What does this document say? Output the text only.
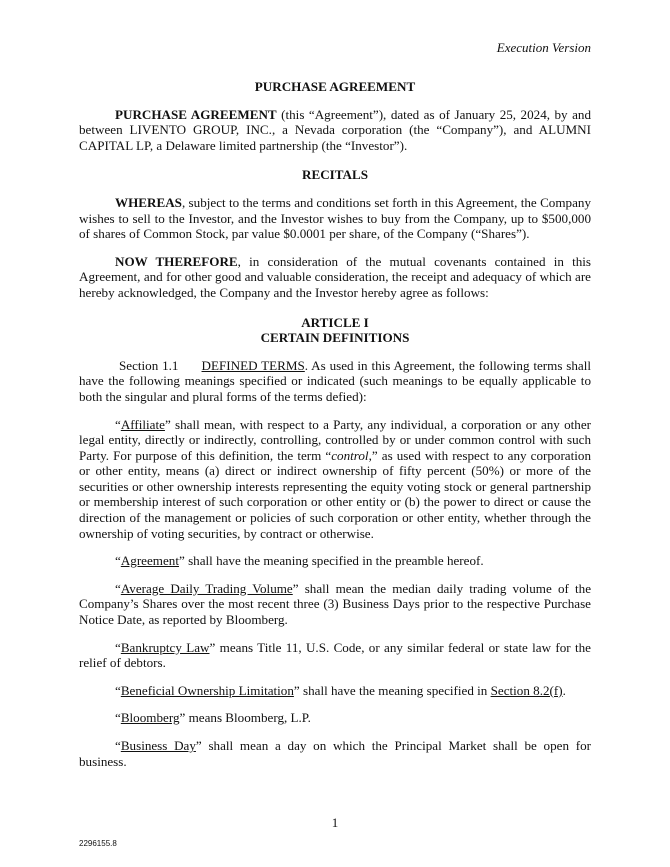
Execution Version
PURCHASE AGREEMENT

PURCHASE AGREEMENT (this “Agreement”), dated as of January 25, 2024, by and between LIVENTO GROUP, INC., a Nevada corporation (the “Company”), and ALUMNI CAPITAL LP, a Delaware limited partnership (the “Investor”).

RECITALS

WHEREAS, subject to the terms and conditions set forth in this Agreement, the Company wishes to sell to the Investor, and the Investor wishes to buy from the Company, up to $500,000 of shares of Common Stock, par value $0.0001 per share, of the Company (“Shares”).

NOW THEREFORE, in consideration of the mutual covenants contained in this Agreement, and for other good and valuable consideration, the receipt and adequacy of which are hereby acknowledged, the Company and the Investor hereby agree as follows:

ARTICLE I
CERTAIN DEFINITIONS

Section 1.1 DEFINED TERMS. As used in this Agreement, the following terms shall have the following meanings specified or indicated (such meanings to be equally applicable to both the singular and plural forms of the terms defied):

“Affiliate” shall mean, with respect to a Party, any individual, a corporation or any other legal entity, directly or indirectly, controlling, controlled by or under common control with such Party. For purpose of this definition, the term “control,” as used with respect to any corporation or other entity, means (a) direct or indirect ownership of fifty percent (50%) or more of the securities or other ownership interests representing the equity voting stock or general partnership or membership interest of such corporation or other entity or (b) the power to direct or cause the direction of the management or policies of such corporation or other entity, whether through the ownership of voting securities, by contract or otherwise.

“Agreement” shall have the meaning specified in the preamble hereof.

“Average Daily Trading Volume” shall mean the median daily trading volume of the Company’s Shares over the most recent three (3) Business Days prior to the respective Purchase Notice Date, as reported by Bloomberg.

“Bankruptcy Law” means Title 11, U.S. Code, or any similar federal or state law for the relief of debtors.

“Beneficial Ownership Limitation” shall have the meaning specified in Section 8.2(f).

“Bloomberg” means Bloomberg, L.P.

“Business Day” shall mean a day on which the Principal Market shall be open for business.

1
2296155.8
